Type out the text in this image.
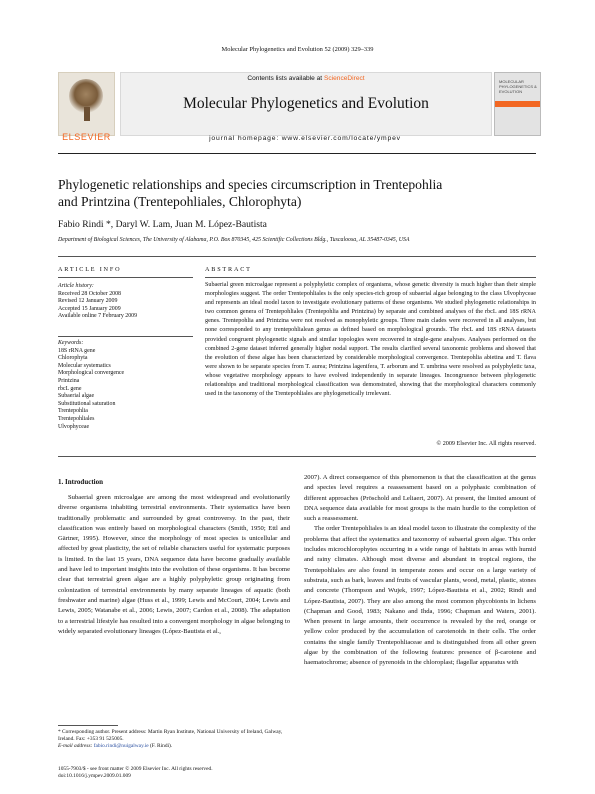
Molecular Phylogenetics and Evolution 52 (2009) 329–339
ELSEVIER
Contents lists available at ScienceDirect
Molecular Phylogenetics and Evolution
MOLECULAR PHYLOGENETICS & EVOLUTION
journal homepage: www.elsevier.com/locate/ympev
Phylogenetic relationships and species circumscription in Trentepohlia
and Printzina (Trentepohliales, Chlorophyta)
Fabio Rindi *, Daryl W. Lam, Juan M. López-Bautista
Department of Biological Sciences, The University of Alabama, P.O. Box 870345, 425 Scientific Collections Bldg., Tuscaloosa, AL 35487-0345, USA
ARTICLE INFO	ABSTRACT
Article history:
Received 28 October 2008
Revised 12 January 2009
Accepted 15 January 2009
Available online 7 February 2009
Keywords:
18S rRNA gene
Chlorophyta
Molecular systematics
Morphological convergence
Printzina
rbcL gene
Subaerial algae
Substitutional saturation
Trentepohlia
Trentepohliales
Ulvophyceae
Subaerial green microalgae represent a polyphyletic complex of organisms, whose genetic diversity is much higher than their simple morphologies suggest. The order Trentepohliales is the only species-rich group of subaerial algae belonging to the class Ulvophyceae and represents an ideal model taxon to investigate evolutionary patterns of these organisms. We studied phylogenetic relationships in two common genera of Trentepohliales (Trentepohlia and Printzina) by separate and combined analyses of the rbcL and 18S rRNA genes. Trentepohlia and Printzina were not resolved as monophyletic groups. Three main clades were recovered in all analyses, but none corresponded to any trentepohlialean genus as defined based on morphological grounds. The rbcL and 18S rRNA datasets provided congruent phylogenetic signals and similar topologies were recovered in single-gene analyses. Analyses performed on the combined 2-gene dataset inferred generally higher nodal support. The results clarified several taxonomic problems and showed that the evolution of these algae has been characterized by considerable morphological convergence. Trentepohlia abietina and T. flava were shown to be separate species from T. aurea; Printzina lagenifera, T. arborum and T. umbrina were resolved as polyphyletic taxa, whose vegetative morphology appears to have evolved independently in separate lineages. Incongruence between phylogenetic relationships and traditional morphological classification was demonstrated, showing that the morphological characters commonly used in the taxonomy of the Trentepohliales are phylogenetically irrelevant.
© 2009 Elsevier Inc. All rights reserved.
1. Introduction

Subaerial green microalgae are among the most widespread and evolutionarily diverse organisms inhabiting terrestrial environments. Their systematics have been traditionally problematic and surrounded by great controversy. In the past, their classification was entirely based on morphological characters (Smith, 1950; Ettl and Gärtner, 1995). However, since the morphology of most species is unicellular and affected by great plasticity, the set of reliable characters useful for systematic purposes is limited. In the last 15 years, DNA sequence data have become gradually available and have led to important insights into the evolution of these organisms. It has become clear that terrestrial green algae are a highly polyphyletic group originating from colonization of terrestrial environments by many separate lineages of aquatic (both freshwater and marine) algae (Huss et al., 1999; Lewis and McCourt, 2004; Lewis and Lewis, 2005; Watanabe et al., 2006; Lewis, 2007; Cardon et al., 2008). The adaptation to a terrestrial lifestyle has resulted into a convergent morphology in algae belonging to widely separated evolutionary lineages (López-Bautista et al.,

2007). A direct consequence of this phenomenon is that the classification at the genus and species level requires a reassessment based on a polyphasic combination of different approaches (Pröschold and Leliaert, 2007). At present, the limited amount of DNA sequence data available for most groups is the main hurdle to the completion of such a reassessment.

The order Trentepohliales is an ideal model taxon to illustrate the complexity of the problems that affect the systematics and taxonomy of subaerial green algae. This order includes microchlorophytes occurring in a wide range of habitats in areas with humid and rainy climates. Although most diverse and abundant in tropical regions, the Trentepohliales are also found in temperate zones and occur on a large variety of substrata, such as bark, leaves and fruits of vascular plants, wood, metal, plastic, stones and concrete (Thompson and Wujek, 1997; López-Bautista et al., 2002; Rindi and López-Bautista, 2007). They are also among the most common phycobionts in lichens (Chapman and Good, 1983; Nakano and Ihda, 1996; Chapman and Waters, 2001). When present in large amounts, their occurrence is revealed by the red, orange or yellow color produced by the accumulation of carotenoids in their cells. The order contains the single family Trentepohliaceae and is distinguished from all other green algae by the combination of the following features: presence of β-carotene and haematochrome; absence of pyrenoids in the chloroplast; flagellar apparatus with

* Corresponding author. Present address: Martin Ryan Institute, National University of Ireland, Galway, Ireland. Fax: +353 91 525005.
E-mail address: fabio.rindi@nuigalway.ie (F. Rindi).
1055-7903/$ - see front matter © 2009 Elsevier Inc. All rights reserved.
doi:10.1016/j.ympev.2009.01.009
